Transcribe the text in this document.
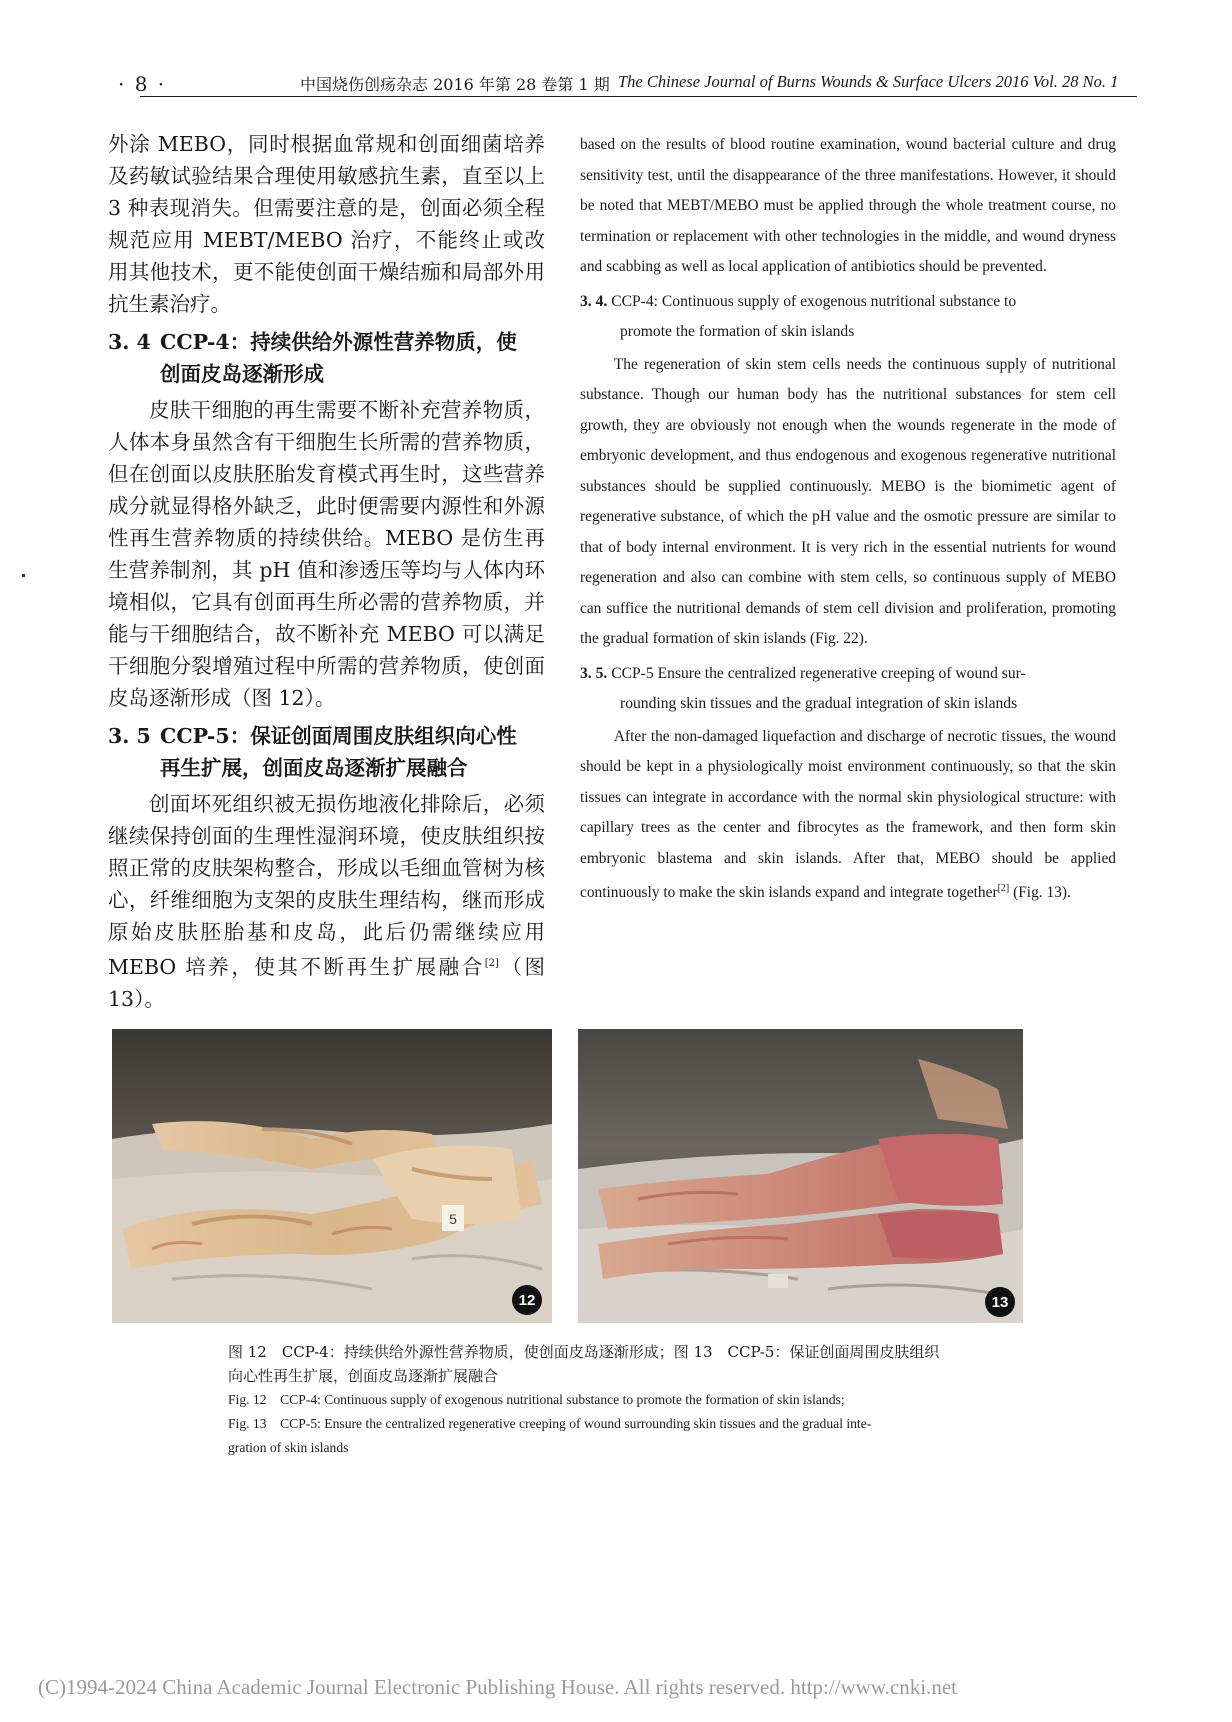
· 8 ·	中国烧伤创疡杂志 2016 年第 28 卷第 1 期 The Chinese Journal of Burns Wounds & Surface Ulcers 2016 Vol. 28 No. 1

外涂 MEBO，同时根据血常规和创面细菌培养及药敏试验结果合理使用敏感抗生素，直至以上 3 种表现消失。但需要注意的是，创面必须全程规范应用 MEBT/MEBO 治疗，不能终止或改用其他技术，更不能使创面干燥结痂和局部外用抗生素治疗。

3. 4 CCP-4：持续供给外源性营养物质，使
创面皮岛逐渐形成

皮肤干细胞的再生需要不断补充营养物质，人体本身虽然含有干细胞生长所需的营养物质，但在创面以皮肤胚胎发育模式再生时，这些营养成分就显得格外缺乏，此时便需要内源性和外源性再生营养物质的持续供给。MEBO 是仿生再生营养制剂，其 pH 值和渗透压等均与人体内环境相似，它具有创面再生所必需的营养物质，并能与干细胞结合，故不断补充 MEBO 可以满足干细胞分裂增殖过程中所需的营养物质，使创面皮岛逐渐形成（图 12）。

3. 5 CCP-5：保证创面周围皮肤组织向心性
再生扩展，创面皮岛逐渐扩展融合

创面坏死组织被无损伤地液化排除后，必须继续保持创面的生理性湿润环境，使皮肤组织按照正常的皮肤架构整合，形成以毛细血管树为核心，纤维细胞为支架的皮肤生理结构，继而形成原始皮肤胚胎基和皮岛，此后仍需继续应用 MEBO 培养，使其不断再生扩展融合[2]（图 13）。

based on the results of blood routine examination, wound bacterial culture and drug sensitivity test, until the disappearance of the three manifestations. However, it should be noted that MEBT/MEBO must be applied through the whole treatment course, no termination or replacement with other technologies in the middle, and wound dryness and scabbing as well as local application of antibiotics should be prevented.

3. 4. CCP-4: Continuous supply of exogenous nutritional substance to
promote the formation of skin islands

The regeneration of skin stem cells needs the continuous supply of nutritional substance. Though our human body has the nutritional substances for stem cell growth, they are obviously not enough when the wounds regenerate in the mode of embryonic development, and thus endogenous and exogenous regenerative nutritional substances should be supplied continuously. MEBO is the biomimetic agent of regenerative substance, of which the pH value and the osmotic pressure are similar to that of body internal environment. It is very rich in the essential nutrients for wound regeneration and also can combine with stem cells, so continuous supply of MEBO can suffice the nutritional demands of stem cell division and proliferation, promoting the gradual formation of skin islands (Fig. 22).

3. 5. CCP-5 Ensure the centralized regenerative creeping of wound sur-
rounding skin tissues and the gradual integration of skin islands

After the non-damaged liquefaction and discharge of necrotic tissues, the wound should be kept in a physiologically moist environment continuously, so that the skin tissues can integrate in accordance with the normal skin physiological structure: with capillary trees as the center and fibrocytes as the framework, and then form skin embryonic blastema and skin islands. After that, MEBO should be applied continuously to make the skin islands expand and integrate together[2] (Fig. 13).

5
12	13

图 12　CCP-4：持续供给外源性营养物质，使创面皮岛逐渐形成；图 13　CCP-5：保证创面周围皮肤组织

向心性再生扩展，创面皮岛逐渐扩展融合

Fig. 12　CCP-4: Continuous supply of exogenous nutritional substance to promote the formation of skin islands;

Fig. 13　CCP-5: Ensure the centralized regenerative creeping of wound surrounding skin tissues and the gradual inte-

gration of skin islands

(C)1994-2024 China Academic Journal Electronic Publishing House. All rights reserved. http://www.cnki.net
